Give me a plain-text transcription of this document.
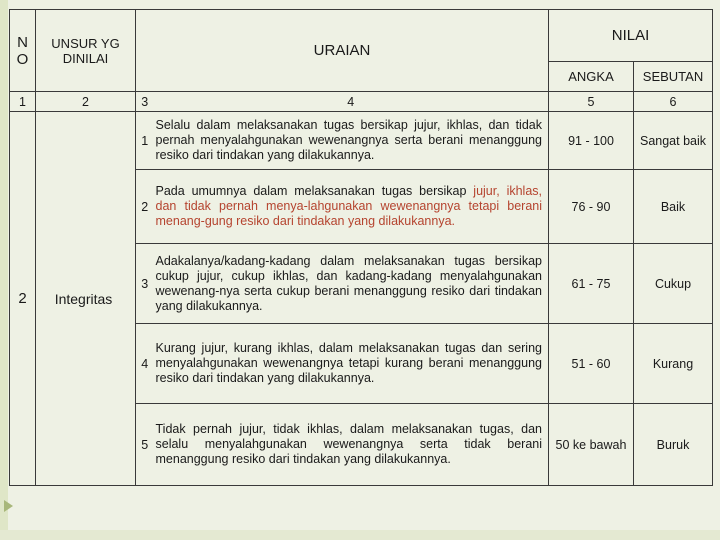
N O	UNSUR YG DINILAI	URAIAN		NILAI	
				ANGKA	SEBUTAN
1	2	3	4	5	6
2	Integritas	1	Selalu dalam melaksanakan tugas bersikap jujur, ikhlas, dan tidak pernah menyalahgunakan wewenangnya serta berani menanggung resiko dari tindakan yang dilakukannya.	91 - 100	Sangat baik
		2	Pada umumnya dalam melaksanakan tugas bersikap jujur, ikhlas, dan tidak pernah menya-lahgunakan wewenangnya tetapi berani menang-gung resiko dari tindakan yang dilakukannya.	76 - 90	Baik
		3	Adakalanya/kadang-kadang dalam melaksanakan tugas bersikap cukup jujur, cukup ikhlas, dan kadang-kadang menyalahgunakan wewenang-nya serta cukup berani menanggung resiko dari tindakan yang dilakukannya.	61 - 75	Cukup
		4	Kurang jujur, kurang ikhlas, dalam melaksanakan tugas dan sering menyalahgunakan wewenangnya tetapi kurang berani menanggung resiko dari tindakan yang dilakukannya.	51 - 60	Kurang
		5	Tidak pernah jujur, tidak ikhlas, dalam melaksanakan tugas, dan selalu menyalahgunakan wewenangnya serta tidak berani menanggung resiko dari tindakan yang dilakukannya.	50 ke bawah	Buruk
